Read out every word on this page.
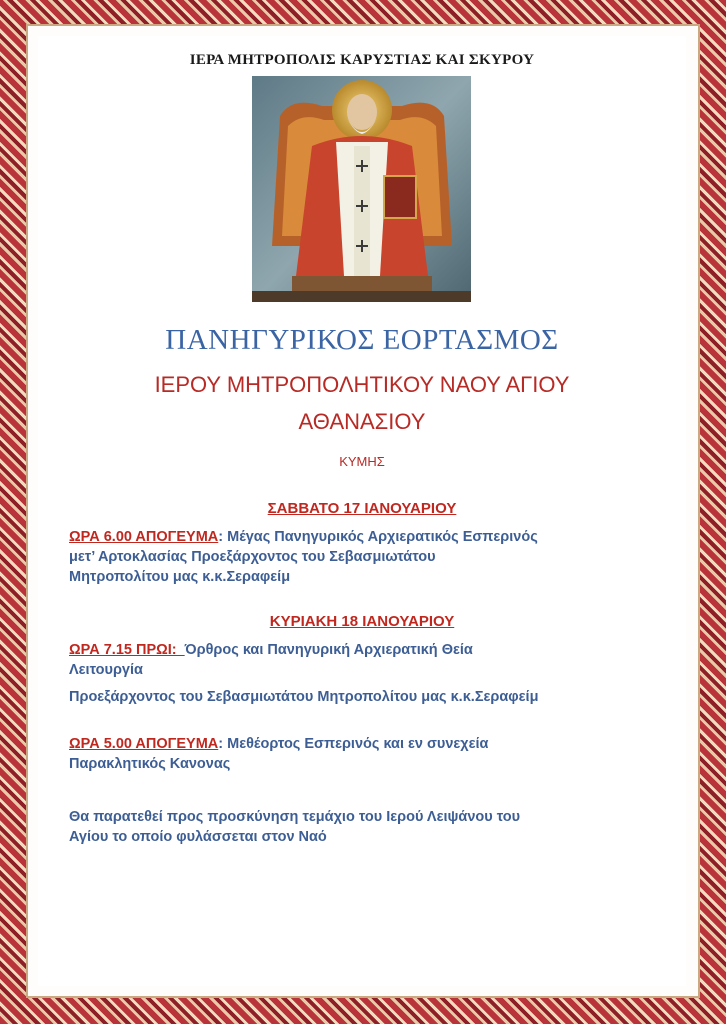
ΙΕΡΑ ΜΗΤΡΟΠΟΛΙΣ ΚΑΡΥΣΤΙΑΣ ΚΑΙ ΣΚΥΡΟΥ
ΠΑΝΗΓΥΡΙΚΟΣ ΕΟΡΤΑΣΜΟΣ
ΙΕΡΟΥ ΜΗΤΡΟΠΟΛΗΤΙΚΟΥ ΝΑΟΥ ΑΓΙΟΥ
ΑΘΑΝΑΣΙΟΥ
ΚΥΜΗΣ
ΣΑΒΒΑΤΟ 17 ΙΑΝΟΥΑΡΙΟΥ
ΩΡΑ 6.00 ΑΠΟΓΕΥΜΑ: Μέγας Πανηγυρικός Αρχιερατικός Εσπερινός μετ’ Αρτοκλασίας Προεξάρχοντος του Σεβασμιωτάτου Μητροπολίτου μας κ.κ.Σεραφείμ
ΚΥΡΙΑΚΗ 18 ΙΑΝΟΥΑΡΙΟΥ
ΩΡΑ 7.15 ΠΡΩΙ:  Όρθρος και Πανηγυρική Αρχιερατική Θεία Λειτουργία
Προεξάρχοντος του Σεβασμιωτάτου Μητροπολίτου μας κ.κ.Σεραφείμ
ΩΡΑ 5.00 ΑΠΟΓΕΥΜΑ: Μεθέορτος Εσπερινός και εν συνεχεία Παρακλητικός Κανονας
Θα παρατεθεί προς προσκύνηση τεμάχιο του Ιερού Λειψάνου του Αγίου το οποίο φυλάσσεται στον Ναό
